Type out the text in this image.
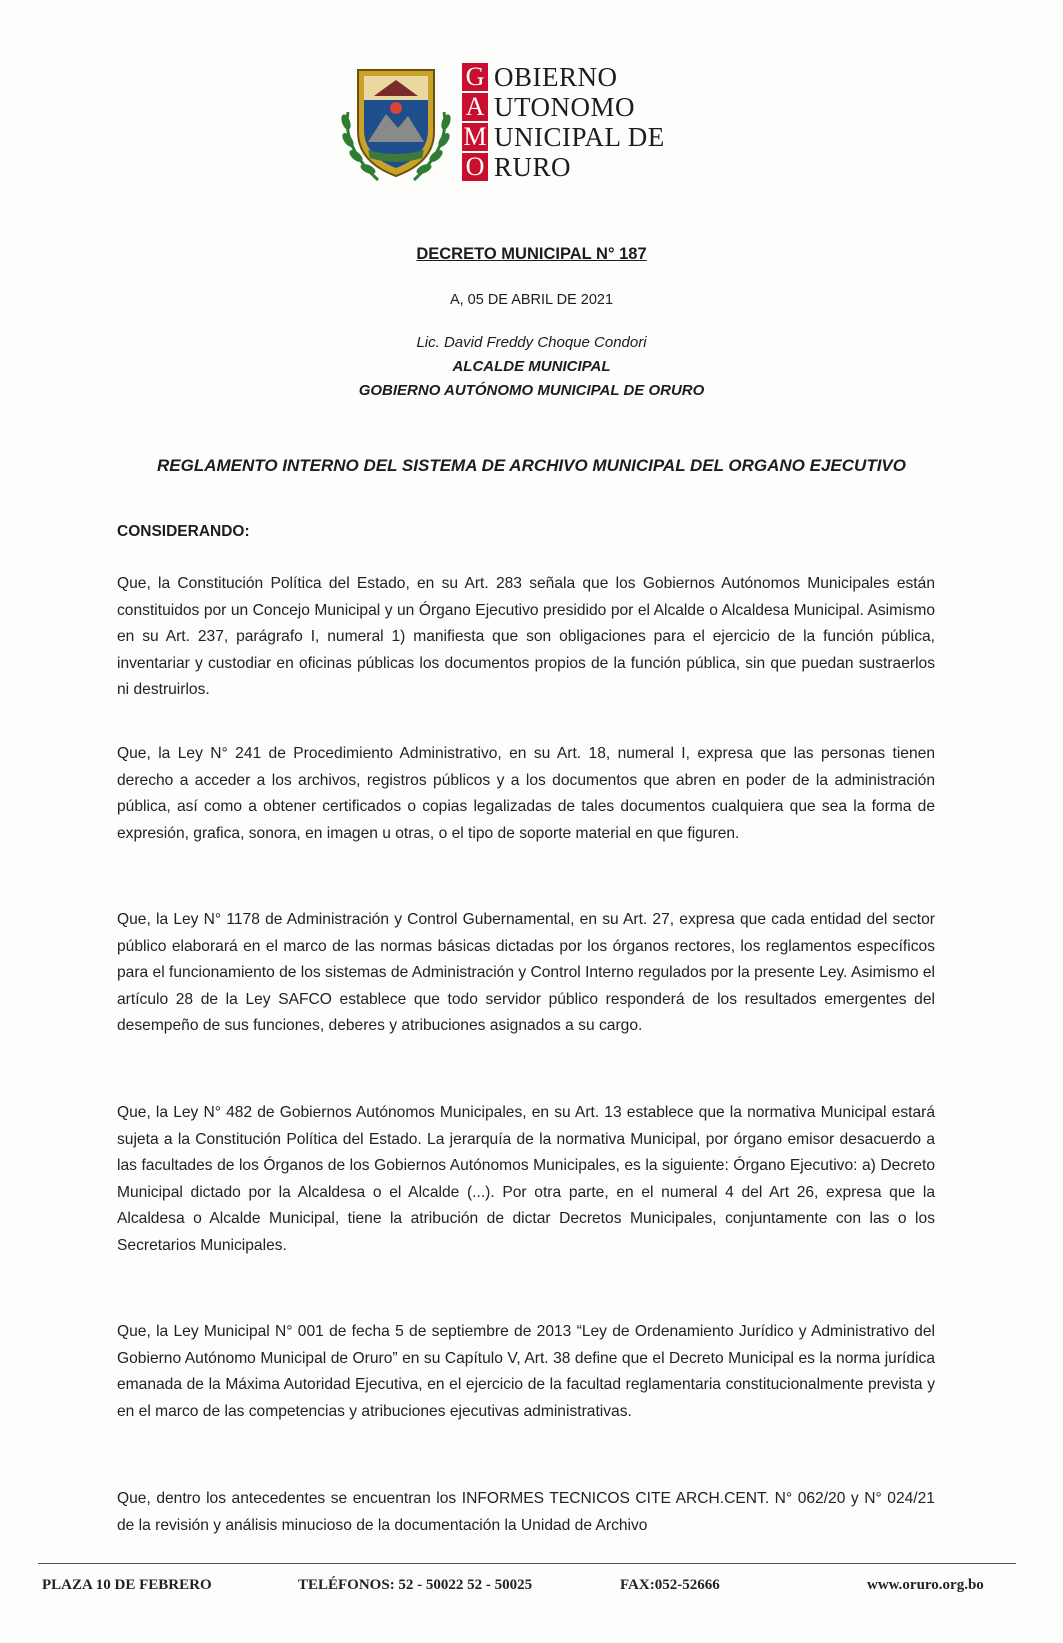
G
A
M
O
OBIERNO
UTONOMO
UNICIPAL DE
RURO
DECRETO MUNICIPAL N° 187
A, 05 DE ABRIL DE 2021
Lic. David Freddy Choque Condori
ALCALDE MUNICIPAL
GOBIERNO AUTÓNOMO MUNICIPAL DE ORURO
REGLAMENTO INTERNO DEL SISTEMA DE ARCHIVO MUNICIPAL DEL ORGANO EJECUTIVO
CONSIDERANDO:
Que, la Constitución Política del Estado, en su Art. 283 señala que los Gobiernos Autónomos Municipales están constituidos por un Concejo Municipal y un Órgano Ejecutivo presidido por el Alcalde o Alcaldesa Municipal. Asimismo en su Art. 237, parágrafo I, numeral 1) manifiesta que son obligaciones para el ejercicio de la función pública, inventariar y custodiar en oficinas públicas los documentos propios de la función pública, sin que puedan sustraerlos ni destruirlos.
Que, la Ley N° 241 de Procedimiento Administrativo, en su Art. 18, numeral I, expresa que las personas tienen derecho a acceder a los archivos, registros públicos y a los documentos que abren en poder de la administración pública, así como a obtener certificados o copias legalizadas de tales documentos cualquiera que sea la forma de expresión, grafica, sonora, en imagen u otras, o el tipo de soporte material en que figuren.
Que, la Ley N° 1178 de Administración y Control Gubernamental, en su Art. 27, expresa que cada entidad del sector público elaborará en el marco de las normas básicas dictadas por los órganos rectores, los reglamentos específicos para el funcionamiento de los sistemas de Administración y Control Interno regulados por la presente Ley. Asimismo el artículo 28 de la Ley SAFCO establece que todo servidor público responderá de los resultados emergentes del desempeño de sus funciones, deberes y atribuciones asignados a su cargo.
Que, la Ley N° 482 de Gobiernos Autónomos Municipales, en su Art. 13 establece que la normativa Municipal estará sujeta a la Constitución Política del Estado. La jerarquía de la normativa Municipal, por órgano emisor desacuerdo a las facultades de los Órganos de los Gobiernos Autónomos Municipales, es la siguiente: Órgano Ejecutivo: a) Decreto Municipal dictado por la Alcaldesa o el Alcalde (...). Por otra parte, en el numeral 4 del Art 26, expresa que la Alcaldesa o Alcalde Municipal, tiene la atribución de dictar Decretos Municipales, conjuntamente con las o los Secretarios Municipales.
Que, la Ley Municipal N° 001 de fecha 5 de septiembre de 2013 “Ley de Ordenamiento Jurídico y Administrativo del Gobierno Autónomo Municipal de Oruro” en su Capítulo V, Art. 38 define que el Decreto Municipal es la norma jurídica emanada de la Máxima Autoridad Ejecutiva, en el ejercicio de la facultad reglamentaria constitucionalmente prevista y en el marco de las competencias y atribuciones ejecutivas administrativas.
Que, dentro los antecedentes se encuentran los INFORMES TECNICOS CITE ARCH.CENT. N° 062/20 y N° 024/21 de la revisión y análisis minucioso de la documentación la Unidad de Archivo
PLAZA 10 DE FEBRERO	TELÉFONOS: 52 - 50022 52 - 50025	FAX:052-52666	www.oruro.org.bo
